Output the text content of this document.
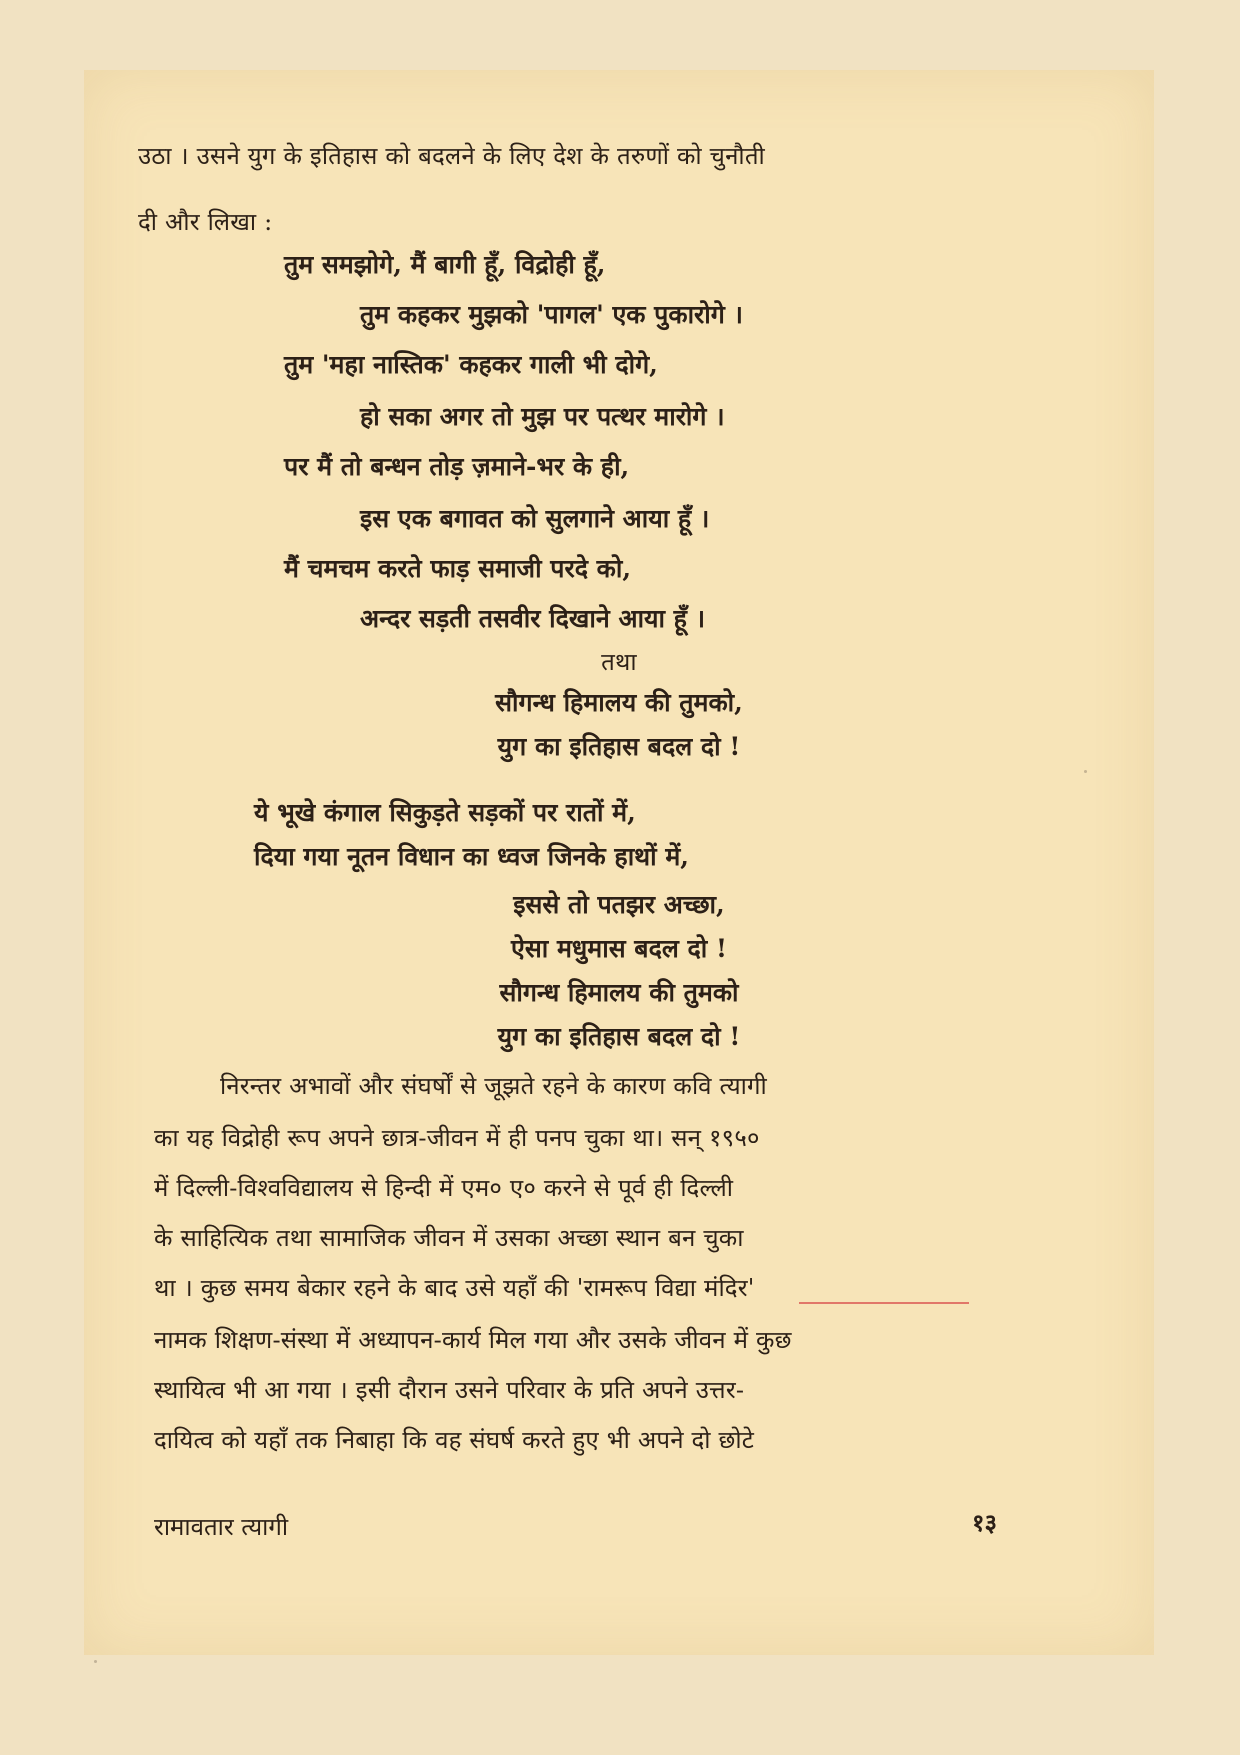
उठा । उसने युग के इतिहास को बदलने के लिए देश के तरुणों को चुनौती
दी और लिखा :
तुम समझोगे, मैं बागी हूँ, विद्रोही हूँ,
तुम कहकर मुझको 'पागल' एक पुकारोगे ।
तुम 'महा नास्तिक' कहकर गाली भी दोगे,
हो सका अगर तो मुझ पर पत्थर मारोगे ।
पर मैं तो बन्धन तोड़ ज़माने-भर के ही,
इस एक बगावत को सुलगाने आया हूँ ।
मैं चमचम करते फाड़ समाजी परदे को,
अन्दर सड़ती तसवीर दिखाने आया हूँ ।
तथा
सौगन्ध हिमालय की तुमको,
युग का इतिहास बदल दो !
ये भूखे कंगाल सिकुड़ते सड़कों पर रातों में,
दिया गया नूतन विधान का ध्वज जिनके हाथों में,
इससे तो पतझर अच्छा,
ऐसा मधुमास बदल दो !
सौगन्ध हिमालय की तुमको
युग का इतिहास बदल दो !
निरन्तर अभावों और संघर्षों से जूझते रहने के कारण कवि त्यागी
का यह विद्रोही रूप अपने छात्र-जीवन में ही पनप चुका था। सन् १९५०
में दिल्ली-विश्वविद्यालय से हिन्दी में एम० ए० करने से पूर्व ही दिल्ली
के साहित्यिक तथा सामाजिक जीवन में उसका अच्छा स्थान बन चुका
था । कुछ समय बेकार रहने के बाद उसे यहाँ की 'रामरूप विद्या मंदिर'
नामक शिक्षण-संस्था में अध्यापन-कार्य मिल गया और उसके जीवन में कुछ
स्थायित्व भी आ गया । इसी दौरान उसने परिवार के प्रति अपने उत्तर-
दायित्व को यहाँ तक निबाहा कि वह संघर्ष करते हुए भी अपने दो छोटे
रामावतार त्यागी	१३
